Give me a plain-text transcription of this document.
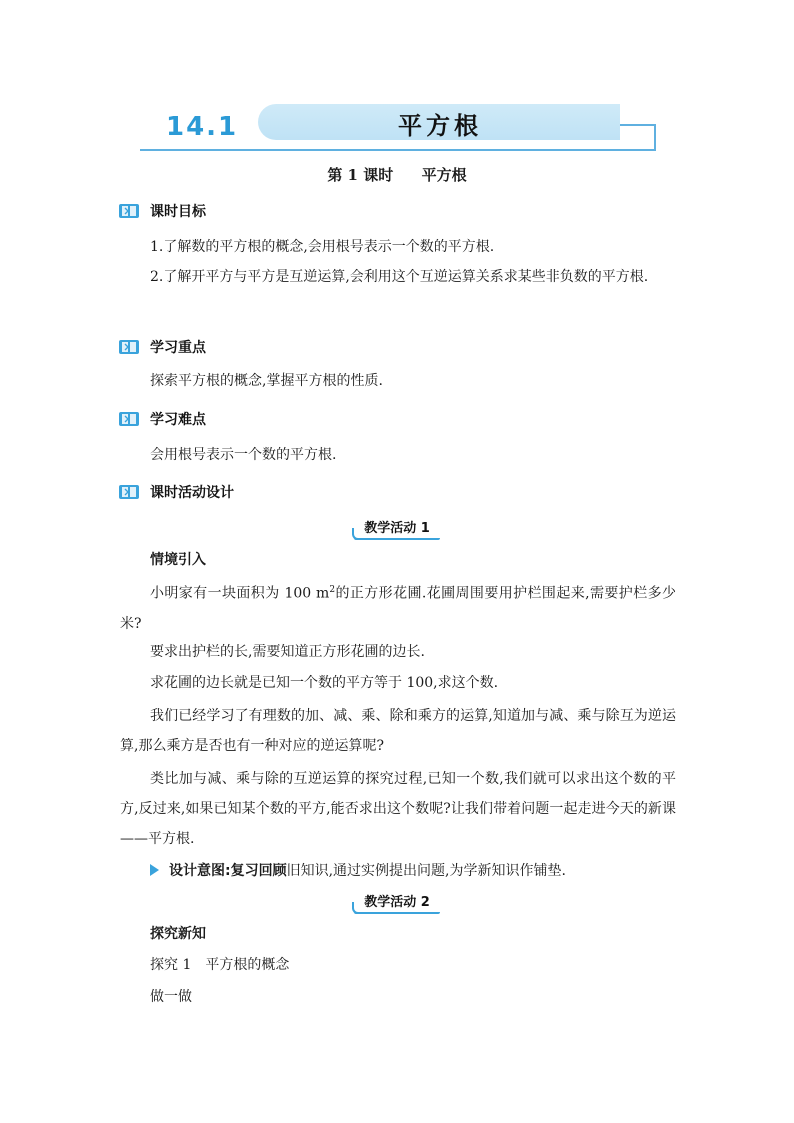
14.1	平方根
第 1 课时 平方根
课时目标
1.了解数的平方根的概念,会用根号表示一个数的平方根.
2.了解开平方与平方是互逆运算,会利用这个互逆运算关系求某些非负数的平方根.
学习重点
探索平方根的概念,掌握平方根的性质.
学习难点
会用根号表示一个数的平方根.
课时活动设计
教学活动 1
情境引入
小明家有一块面积为 100 $m^2$的正方形花圃.花圃周围要用护栏围起来,需要护栏多少米?
要求出护栏的长,需要知道正方形花圃的边长.
求花圃的边长就是已知一个数的平方等于 100,求这个数.
我们已经学习了有理数的加、减、乘、除和乘方的运算,知道加与减、乘与除互为逆运算,那么乘方是否也有一种对应的逆运算呢?
类比加与减、乘与除的互逆运算的探究过程,已知一个数,我们就可以求出这个数的平方,反过来,如果已知某个数的平方,能否求出这个数呢?让我们带着问题一起走进今天的新课——平方根.
设计意图: 复习回顾 旧知识,通过实例提出问题,为学新知识作铺垫.
教学活动 2
探究新知
探究 1　平方根的概念
做一做
